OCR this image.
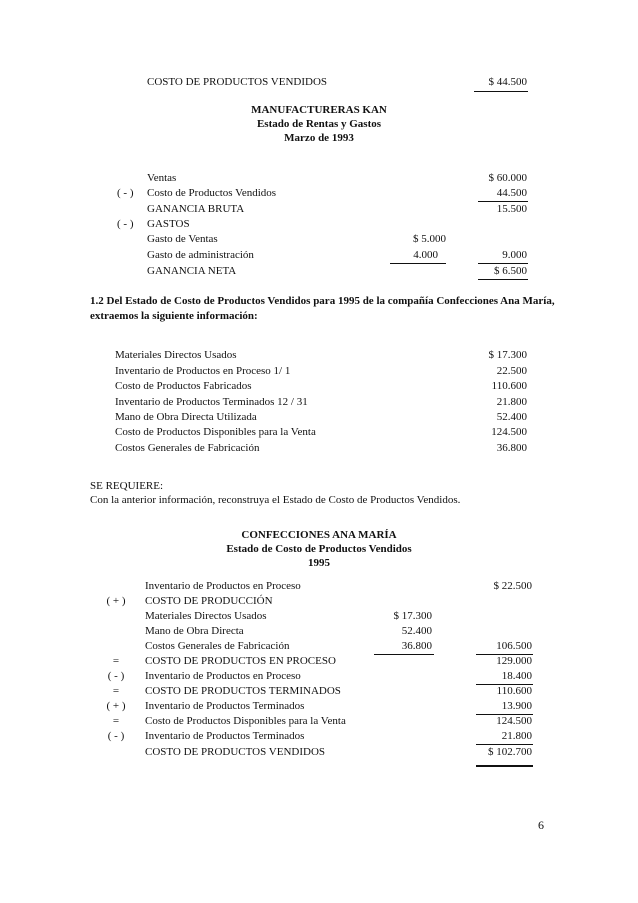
COSTO DE PRODUCTOS VENDIDOS	$ 44.500
MANUFACTURERAS KAN
Estado de Rentas y Gastos
Marzo de 1993
Ventas	$ 60.000
( - ) Costo de Productos Vendidos	44.500
GANANCIA BRUTA	15.500
( - ) GASTOS
Gasto de Ventas	$ 5.000
Gasto de administración	4.000	9.000
GANANCIA NETA	$ 6.500
1.2 Del Estado de Costo de Productos Vendidos para 1995 de la compañía Confecciones Ana María,
extraemos la siguiente información:
Materiales Directos Usados	$ 17.300
Inventario de Productos en Proceso 1/ 1	22.500
Costo de Productos Fabricados	110.600
Inventario de Productos Terminados 12 / 31	21.800
Mano de Obra Directa Utilizada	52.400
Costo de Productos Disponibles para la Venta	124.500
Costos Generales de Fabricación	36.800
SE REQUIERE:
Con la anterior información, reconstruya el Estado de Costo de Productos Vendidos.
CONFECCIONES ANA MARÍA
Estado de Costo de Productos Vendidos
1995
Inventario de Productos en Proceso	$ 22.500
( + )	COSTO DE PRODUCCIÓN
Materiales Directos Usados	$ 17.300
Mano de Obra Directa	52.400
Costos Generales de Fabricación	36.800	106.500
=	COSTO DE PRODUCTOS EN PROCESO	129.000
( - )	Inventario de Productos en Proceso	18.400
=	COSTO DE PRODUCTOS TERMINADOS	110.600
( + )	Inventario de Productos Terminados	13.900
=	Costo de Productos Disponibles para la Venta	124.500
( - )	Inventario de Productos Terminados	21.800
COSTO DE PRODUCTOS VENDIDOS	$ 102.700
6
